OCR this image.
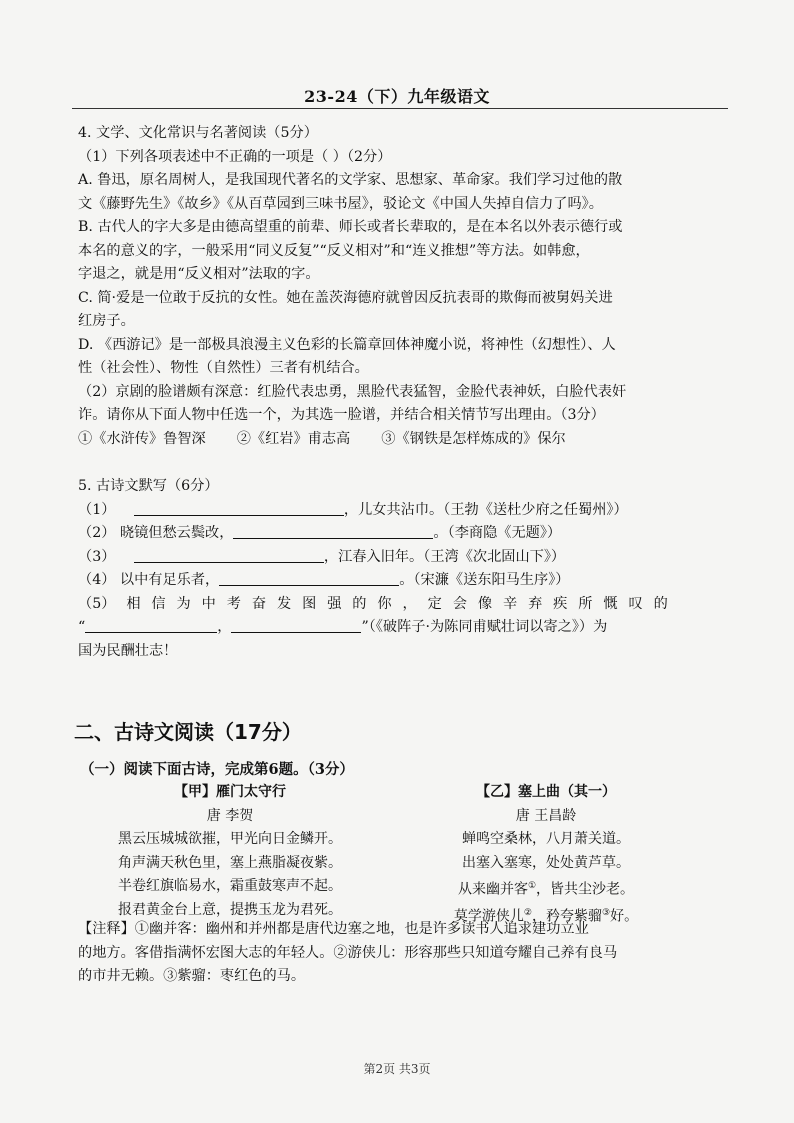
23-24（下）九年级语文
4. 文学、文化常识与名著阅读（5分）
（1）下列各项表述中不正确的一项是（ ）（2分）
A. 鲁迅，原名周树人，是我国现代著名的文学家、思想家、革命家。我们学习过他的散
文《藤野先生》《故乡》《从百草园到三味书屋》，驳论文《中国人失掉自信力了吗》。
B. 古代人的字大多是由德高望重的前辈、师长或者长辈取的，是在本名以外表示德行或
本名的意义的字，一般采用“同义反复”“反义相对”和“连义推想”等方法。如韩愈，
字退之，就是用“反义相对”法取的字。
C. 简·爱是一位敢于反抗的女性。她在盖茨海德府就曾因反抗表哥的欺侮而被舅妈关进
红房子。
D. 《西游记》是一部极具浪漫主义色彩的长篇章回体神魔小说，将神性（幻想性）、人
性（社会性）、物性（自然性）三者有机结合。
（2）京剧的脸谱颇有深意：红脸代表忠勇，黑脸代表猛智，金脸代表神妖，白脸代表奸
诈。请你从下面人物中任选一个，为其选一脸谱，并结合相关情节写出理由。（3分）
①《水浒传》鲁智深 ②《红岩》甫志高 ③《钢铁是怎样炼成的》保尔
5. 古诗文默写（6分）
（1）	，儿女共沾巾。（王勃《送杜少府之任蜀州》）
（2） 晓镜但愁云鬓改，	。（李商隐《无题》）
（3）	，江春入旧年。（王湾《次北固山下》）
（4） 以中有足乐者，	。（宋濂《送东阳马生序》）
（5） 相 信 为 中 考 奋 发 图 强 的 你 ， 定 会 像 辛 弃 疾 所 慨 叹 的
“	，	”（《破阵子·为陈同甫赋壮词以寄之》）为
国为民酬壮志！
二、古诗文阅读（17分）
（一）阅读下面古诗，完成第6题。（3分）
【甲】雁门太守行
唐 李贺
黑云压城城欲摧，甲光向日金鳞开。
角声满天秋色里，塞上燕脂凝夜紫。
半卷红旗临易水，霜重鼓寒声不起。
报君黄金台上意，提携玉龙为君死。
【乙】塞上曲（其一）
唐 王昌龄
蝉鸣空桑林，八月萧关道。
出塞入塞寒，处处黄芦草。
从来幽并客①，皆共尘沙老。
莫学游侠儿②，矜夸紫骝③好。
【注释】①幽并客：幽州和并州都是唐代边塞之地，也是许多读书人追求建功立业
的地方。客借指满怀宏图大志的年轻人。②游侠儿：形容那些只知道夸耀自己养有良马
的市井无赖。③紫骝：枣红色的马。
第2页 共3页
